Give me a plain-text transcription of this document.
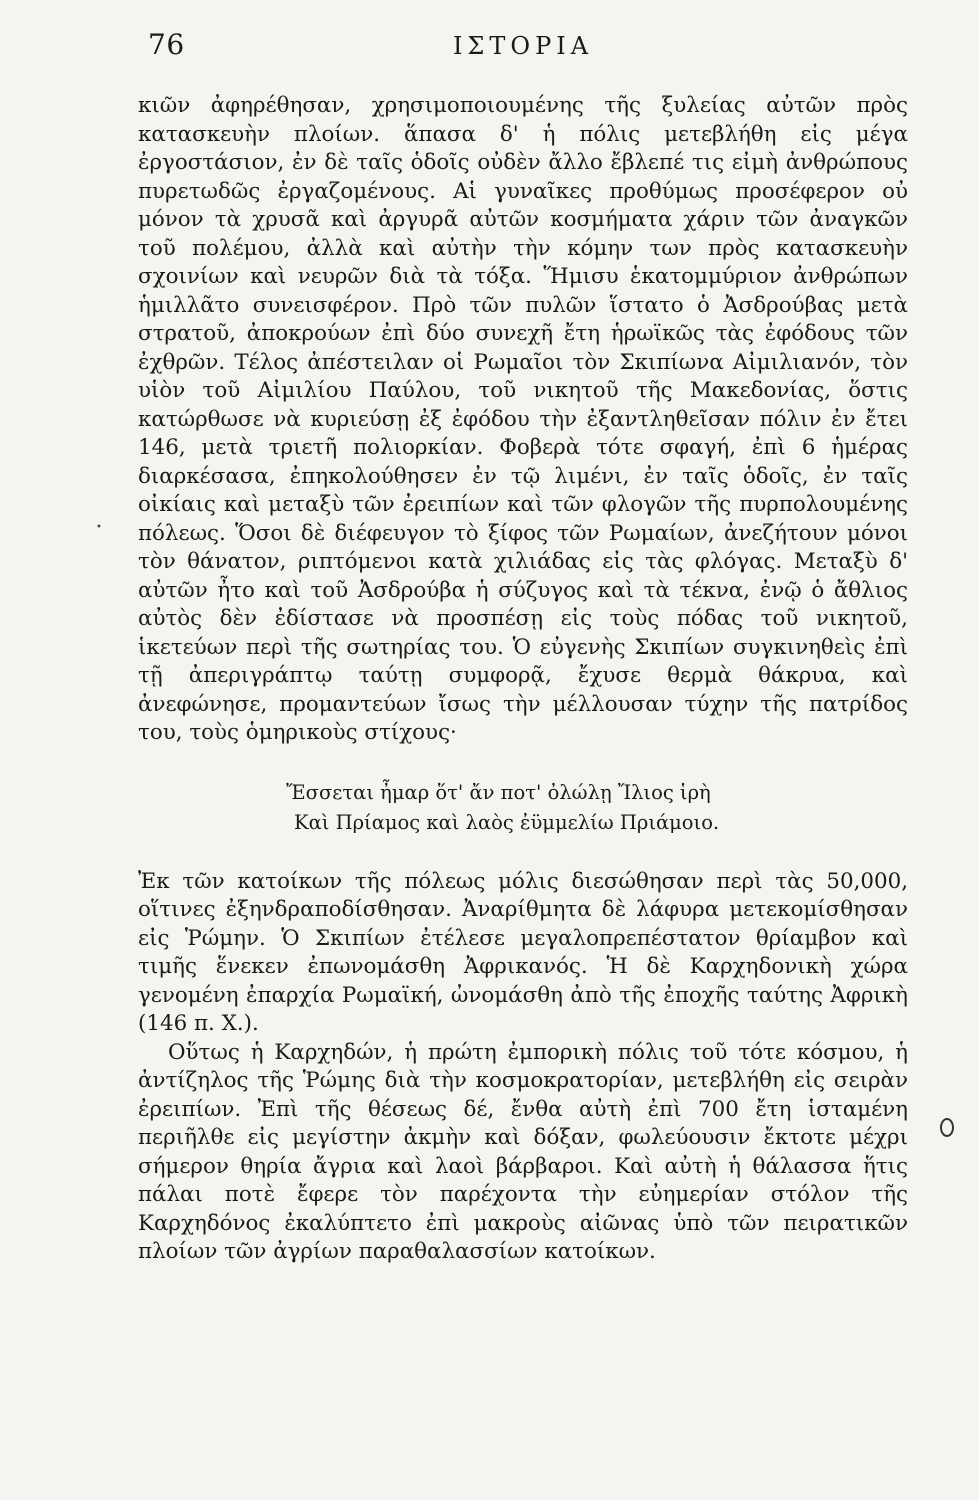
76	ΙΣΤΟΡΙΑ

κιῶν ἀφηρέθησαν, χρησιμοποιουμένης τῆς ξυλείας αὐτῶν πρὸς κατασκευὴν πλοίων. ἅπασα δ' ἡ πόλις μετεβλήθη εἰς μέγα ἐργοστάσιον, ἐν δὲ ταῖς ὁδοῖς οὐδὲν ἄλλο ἔβλεπέ τις εἰμὴ ἀνθρώπους πυρετωδῶς ἐργαζομένους. Αἱ γυναῖκες προθύμως προσέφερον οὐ μόνον τὰ χρυσᾶ καὶ ἀργυρᾶ αὐτῶν κοσμήματα χάριν τῶν ἀναγκῶν τοῦ πολέμου, ἀλλὰ καὶ αὐτὴν τὴν κόμην των πρὸς κατασκευὴν σχοινίων καὶ νευρῶν διὰ τὰ τόξα. Ἥμισυ ἑκατομμύριον ἀνθρώπων ἡμιλλᾶτο συνεισφέρον. Πρὸ τῶν πυλῶν ἵστατο ὁ Ἀσδρούβας μετὰ στρατοῦ, ἀποκρούων ἐπὶ δύο συνεχῆ ἔτη ἡρωϊκῶς τὰς ἐφόδους τῶν ἐχθρῶν. Τέλος ἀπέστειλαν οἱ Ρωμαῖοι τὸν Σκιπίωνα Αἰμιλιανόν, τὸν υἱὸν τοῦ Αἰμιλίου Παύλου, τοῦ νικητοῦ τῆς Μακεδονίας, ὅστις κατώρθωσε νὰ κυριεύσῃ ἐξ ἐφόδου τὴν ἐξαντληθεῖσαν πόλιν ἐν ἔτει 146, μετὰ τριετῆ πολιορκίαν. Φοβερὰ τότε σφαγή, ἐπὶ 6 ἡμέρας διαρκέσασα, ἐπηκολούθησεν ἐν τῷ λιμένι, ἐν ταῖς ὁδοῖς, ἐν ταῖς οἰκίαις καὶ μεταξὺ τῶν ἐρειπίων καὶ τῶν φλογῶν τῆς πυρπολουμένης πόλεως. Ὅσοι δὲ διέφευγον τὸ ξίφος τῶν Ρωμαίων, ἀνεζήτουν μόνοι τὸν θάνατον, ριπτόμενοι κατὰ χιλιάδας εἰς τὰς φλόγας. Μεταξὺ δ' αὐτῶν ἦτο καὶ τοῦ Ἀσδρούβα ἡ σύζυγος καὶ τὰ τέκνα, ἐνῷ ὁ ἄθλιος αὐτὸς δὲν ἐδίστασε νὰ προσπέσῃ εἰς τοὺς πόδας τοῦ νικητοῦ, ἱκετεύων περὶ τῆς σωτηρίας του. Ὁ εὐγενὴς Σκιπίων συγκινηθεὶς ἐπὶ τῇ ἀπεριγράπτῳ ταύτῃ συμφορᾷ, ἔχυσε θερμὰ θάκρυα, καὶ ἀνεφώνησε, προμαντεύων ἴσως τὴν μέλλουσαν τύχην τῆς πατρίδος του, τοὺς ὁμηρικοὺς στίχους·

Ἔσσεται ἦμαρ ὅτ' ἄν ποτ' ὀλώλῃ Ἴλιος ἱρὴ
Καὶ Πρίαμος καὶ λαὸς ἐϋμμελίω Πριάμοιο.

Ἐκ τῶν κατοίκων τῆς πόλεως μόλις διεσώθησαν περὶ τὰς 50,000, οἵτινες ἐξηνδραποδίσθησαν. Ἀναρίθμητα δὲ λάφυρα μετεκομίσθησαν εἰς Ῥώμην. Ὁ Σκιπίων ἐτέλεσε μεγαλοπρεπέστατον θρίαμβον καὶ τιμῆς ἕνεκεν ἐπωνομάσθη Ἀφρικανός. Ἡ δὲ Καρχηδονικὴ χώρα γενομένη ἐπαρχία Ρωμαϊκή, ὠνομάσθη ἀπὸ τῆς ἐποχῆς ταύτης Ἀφρικὴ (146 π. Χ.).

Οὕτως ἡ Καρχηδών, ἡ πρώτη ἐμπορικὴ πόλις τοῦ τότε κόσμου, ἡ ἀντίζηλος τῆς Ῥώμης διὰ τὴν κοσμοκρατορίαν, μετεβλήθη εἰς σειρὰν ἐρειπίων. Ἐπὶ τῆς θέσεως δέ, ἔνθα αὐτὴ ἐπὶ 700 ἔτη ἱσταμένη περιῆλθε εἰς μεγίστην ἀκμὴν καὶ δόξαν, φωλεύουσιν ἔκτοτε μέχρι σήμερον θηρία ἄγρια καὶ λαοὶ βάρβαροι. Καὶ αὐτὴ ἡ θάλασσα ἥτις πάλαι ποτὲ ἔφερε τὸν παρέχοντα τὴν εὐημερίαν στόλον τῆς Καρχηδόνος ἐκαλύπτετο ἐπὶ μακροὺς αἰῶνας ὑπὸ τῶν πειρατικῶν πλοίων τῶν ἀγρίων παραθαλασσίων κατοίκων.

•
